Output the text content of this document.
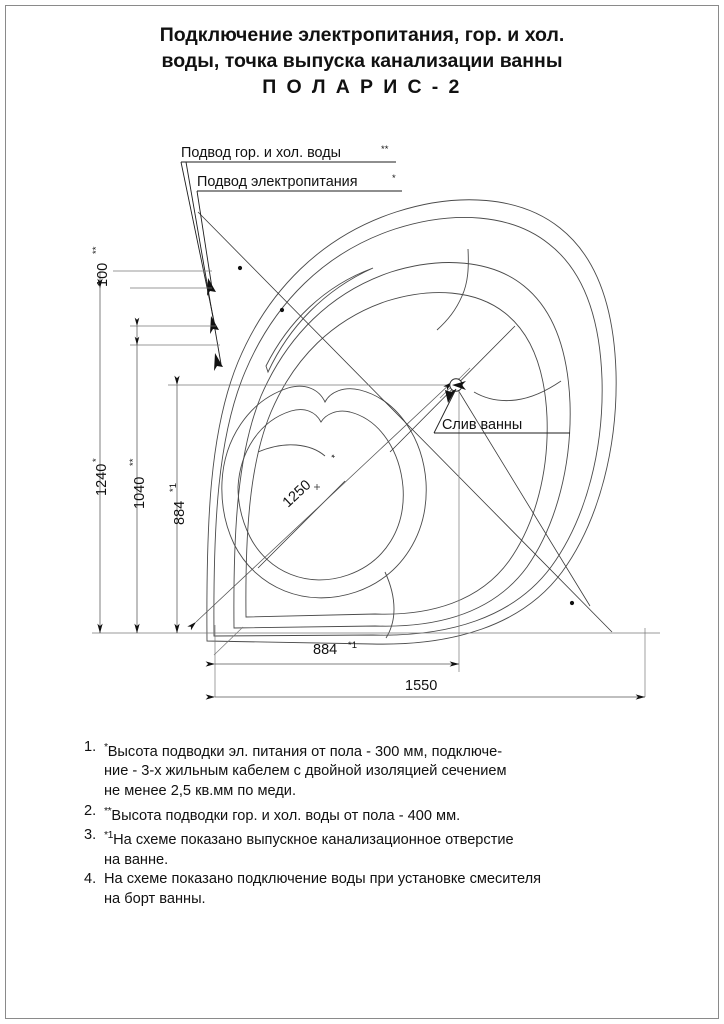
Подключение электропитания, гор. и хол.
воды, точка выпуска канализации ванны
П О Л А Р И С - 2
Подвод гор. и хол. воды	**
Подвод электропитания	*
100
**
1240
*
1040
**
884
*1
884 *1
1550
1250
*
Слив ванны
1. *Высота подводки эл. питания от пола - 300 мм, подключе-
ние - 3-х жильным кабелем с двойной изоляцией сечением
не менее 2,5 кв.мм по меди.
2. **Высота подводки гор. и хол. воды от пола - 400 мм.
3. $^{*1}$На схеме показано выпускное канализационное отверстие
на ванне.
4. На схеме показано подключение воды при установке смесителя
на борт ванны.
